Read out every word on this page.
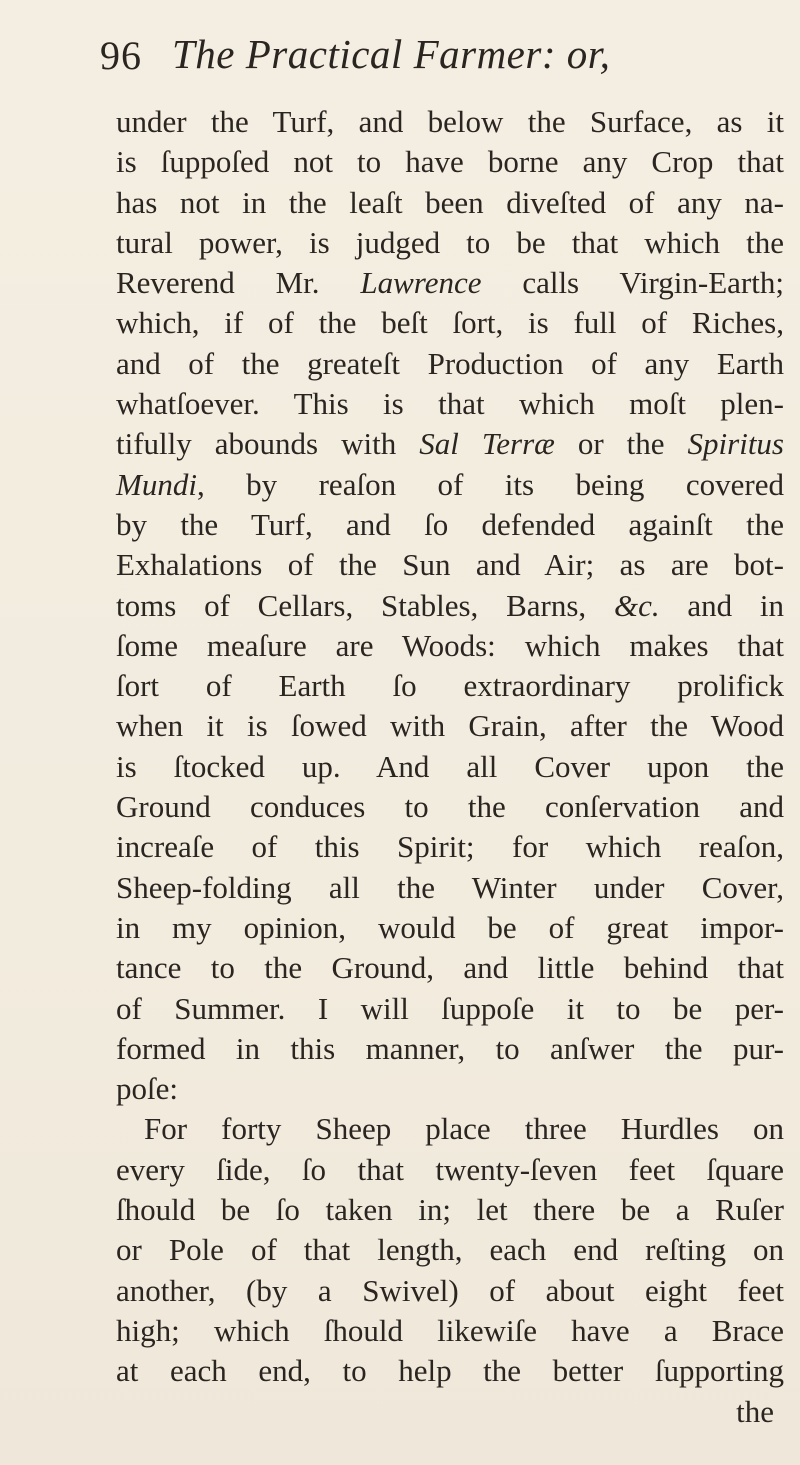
96 The Practical Farmer: or,
under the Turf, and below the Surface, as it
is ſuppoſed not to have borne any Crop that
has not in the leaſt been diveſted of any na-
tural power, is judged to be that which the
Reverend Mr. Lawrence calls Virgin-Earth;
which, if of the beſt ſort, is full of Riches,
and of the greateſt Production of any Earth
whatſoever. This is that which moſt plen-
tifully abounds with Sal Terræ or the Spiritus
Mundi, by reaſon of its being covered
by the Turf, and ſo defended againſt the
Exhalations of the Sun and Air; as are bot-
toms of Cellars, Stables, Barns, &c. and in
ſome meaſure are Woods: which makes that
ſort of Earth ſo extraordinary prolifick
when it is ſowed with Grain, after the Wood
is ſtocked up. And all Cover upon the
Ground conduces to the conſervation and
increaſe of this Spirit; for which reaſon,
Sheep-folding all the Winter under Cover,
in my opinion, would be of great impor-
tance to the Ground, and little behind that
of Summer. I will ſuppoſe it to be per-
formed in this manner, to anſwer the pur-
poſe:
For forty Sheep place three Hurdles on
every ſide, ſo that twenty-ſeven feet ſquare
ſhould be ſo taken in; let there be a Ruſer
or Pole of that length, each end reſting on
another, (by a Swivel) of about eight feet
high; which ſhould likewiſe have a Brace
at each end, to help the better ſupporting
the
